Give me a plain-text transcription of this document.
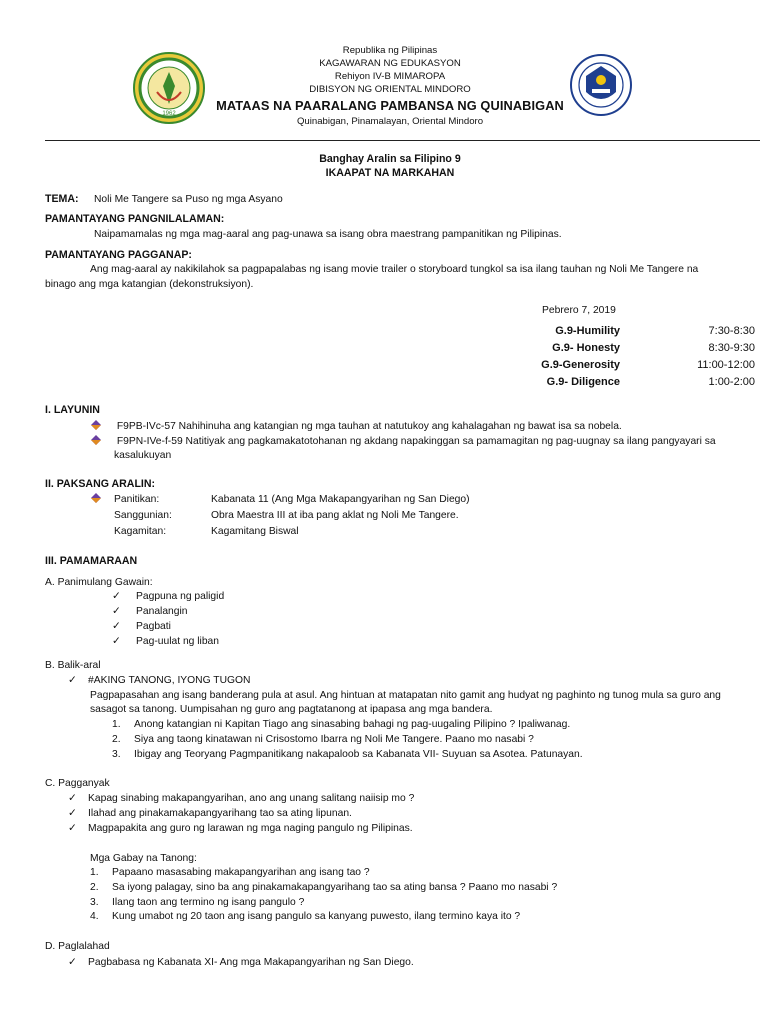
1962
Republika ng Pilipinas
KAGAWARAN NG EDUKASYON
Rehiyon IV-B MIMAROPA
DIBISYON NG ORIENTAL MINDORO
MATAAS NA PAARALANG PAMBANSA NG QUINABIGAN
Quinabigan, Pinamalayan, Oriental Mindoro
Banghay Aralin sa Filipino 9
IKAAPAT NA MARKAHAN
TEMA: Noli Me Tangere sa Puso ng mga Asyano
PAMANTAYANG PANGNILALAMAN:
Naipamamalas ng mga mag-aaral ang pag-unawa sa isang obra maestrang pampanitikan ng Pilipinas.
PAMANTAYANG PAGGANAP:
Ang mag-aaral ay nakikilahok sa pagpapalabas ng isang movie trailer o storyboard tungkol sa isa ilang tauhan ng Noli Me Tangere na
binago ang mga katangian (dekonstruksiyon).
Pebrero 7, 2019
G.9-Humility	7:30-8:30
G.9- Honesty	8:30-9:30
G.9-Generosity	11:00-12:00
G.9- Diligence	1:00-2:00
I. LAYUNIN
F9PB-IVc-57 Nahihinuha ang katangian ng mga tauhan at natutukoy ang kahalagahan ng bawat isa sa nobela.
F9PN-IVe-f-59 Natitiyak ang pagkamakatotohanan ng akdang napakinggan sa pamamagitan ng pag-uugnay sa ilang pangyayari sa
kasalukuyan
II. PAKSANG ARALIN:
Panitikan:	Kabanata 11 (Ang Mga Makapangyarihan ng San Diego)
Sanggunian:	Obra Maestra III at iba pang aklat ng Noli Me Tangere.
Kagamitan:	Kagamitang Biswal
III. PAMAMARAAN
A. Panimulang Gawain:
✓ Pagpuna ng paligid
✓ Panalangin
✓ Pagbati
✓ Pag-uulat ng liban
B. Balik-aral
✓ #AKING TANONG, IYONG TUGON
Pagpapasahan ang isang banderang pula at asul. Ang hintuan at matapatan nito gamit ang hudyat ng paghinto ng tunog mula sa guro ang
sasagot sa tanong. Uumpisahan ng guro ang pagtatanong at ipapasa ang mga bandera.
1. Anong katangian ni Kapitan Tiago ang sinasabing bahagi ng pag-uugaling Pilipino ? Ipaliwanag.
2. Siya ang taong kinatawan ni Crisostomo Ibarra ng Noli Me Tangere. Paano mo nasabi ?
3. Ibigay ang Teoryang Pagmpanitikang nakapaloob sa Kabanata VII- Suyuan sa Asotea. Patunayan.
C. Pagganyak
✓ Kapag sinabing makapangyarihan, ano ang unang salitang naiisip mo ?
✓ Ilahad ang pinakamakapangyarihang tao sa ating lipunan.
✓ Magpapakita ang guro ng larawan ng mga naging pangulo ng Pilipinas.
Mga Gabay na Tanong:
1. Papaano masasabing makapangyarihan ang isang tao ?
2. Sa iyong palagay, sino ba ang pinakamakapangyarihang tao sa ating bansa ? Paano mo nasabi ?
3. Ilang taon ang termino ng isang pangulo ?
4. Kung umabot ng 20 taon ang isang pangulo sa kanyang puwesto, ilang termino kaya ito ?
D. Paglalahad
✓ Pagbabasa ng Kabanata XI- Ang mga Makapangyarihan ng San Diego.
